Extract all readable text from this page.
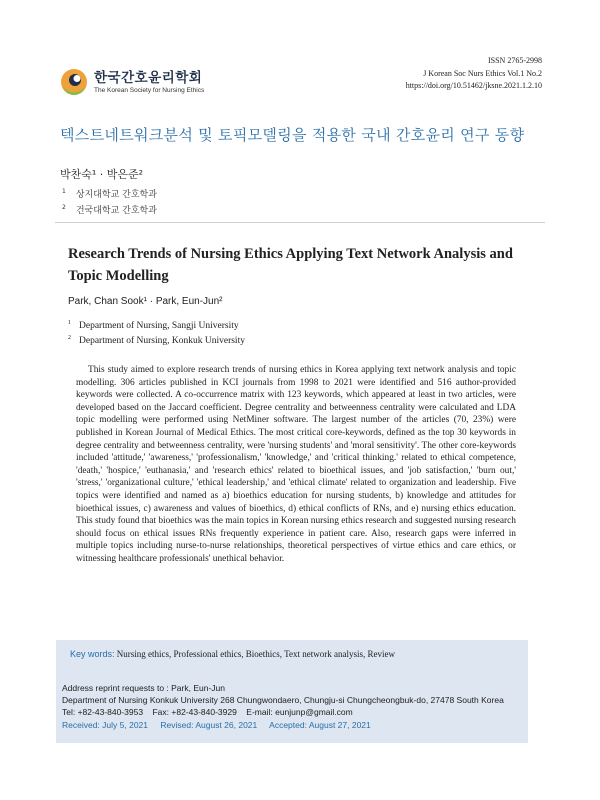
한국간호윤리학회
The Korean Society for Nursing Ethics
ISSN 2765-2998
J Korean Soc Nurs Ethics Vol.1 No.2
https://doi.org/10.51462/jksne.2021.1.2.10
텍스트네트워크분석 및 토픽모델링을 적용한 국내 간호윤리 연구 동향
박찬숙¹ · 박은준²
$^1$ 상지대학교 간호학과
$^2$ 건국대학교 간호학과
Research Trends of Nursing Ethics Applying Text Network Analysis and Topic Modelling
Park, Chan Sook¹ · Park, Eun-Jun²
$^1$ Department of Nursing, Sangji University
$^2$ Department of Nursing, Konkuk University
This study aimed to explore research trends of nursing ethics in Korea applying text network analysis and topic modelling. 306 articles published in KCI journals from 1998 to 2021 were identified and 516 author-provided keywords were collected. A co-occurrence matrix with 123 keywords, which appeared at least in two articles, were developed based on the Jaccard coefficient. Degree centrality and betweenness centrality were calculated and LDA topic modelling were performed using NetMiner software. The largest number of the articles (70, 23%) were published in Korean Journal of Medical Ethics. The most critical core-keywords, defined as the top 30 keywords in degree centrality and betweenness centrality, were 'nursing students' and 'moral sensitivity'. The other core-keywords included 'attitude,' 'awareness,' 'professionalism,' 'knowledge,' and 'critical thinking.' related to ethical competence, 'death,' 'hospice,' 'euthanasia,' and 'research ethics' related to bioethical issues, and 'job satisfaction,' 'burn out,' 'stress,' 'organizational culture,' 'ethical leadership,' and 'ethical climate' related to organization and leadership. Five topics were identified and named as a) bioethics education for nursing students, b) knowledge and attitudes for bioethical issues, c) awareness and values of bioethics, d) ethical conflicts of RNs, and e) nursing ethics education. This study found that bioethics was the main topics in Korean nursing ethics research and suggested nursing research should focus on ethical issues RNs frequently experience in patient care. Also, research gaps were inferred in multiple topics including nurse-to-nurse relationships, theoretical perspectives of virtue ethics and care ethics, or witnessing healthcare professionals' unethical behavior.
Key words: Nursing ethics, Professional ethics, Bioethics, Text network analysis, Review
Address reprint requests to : Park, Eun-Jun
Department of Nursing Konkuk University 268 Chungwondaero, Chungju-si Chungcheongbuk-do, 27478 South Korea
Tel: +82-43-840-3953    Fax: +82-43-840-3929    E-mail: eunjunp@gmail.com
Received: July 5, 2021 Revised: August 26, 2021 Accepted: August 27, 2021
